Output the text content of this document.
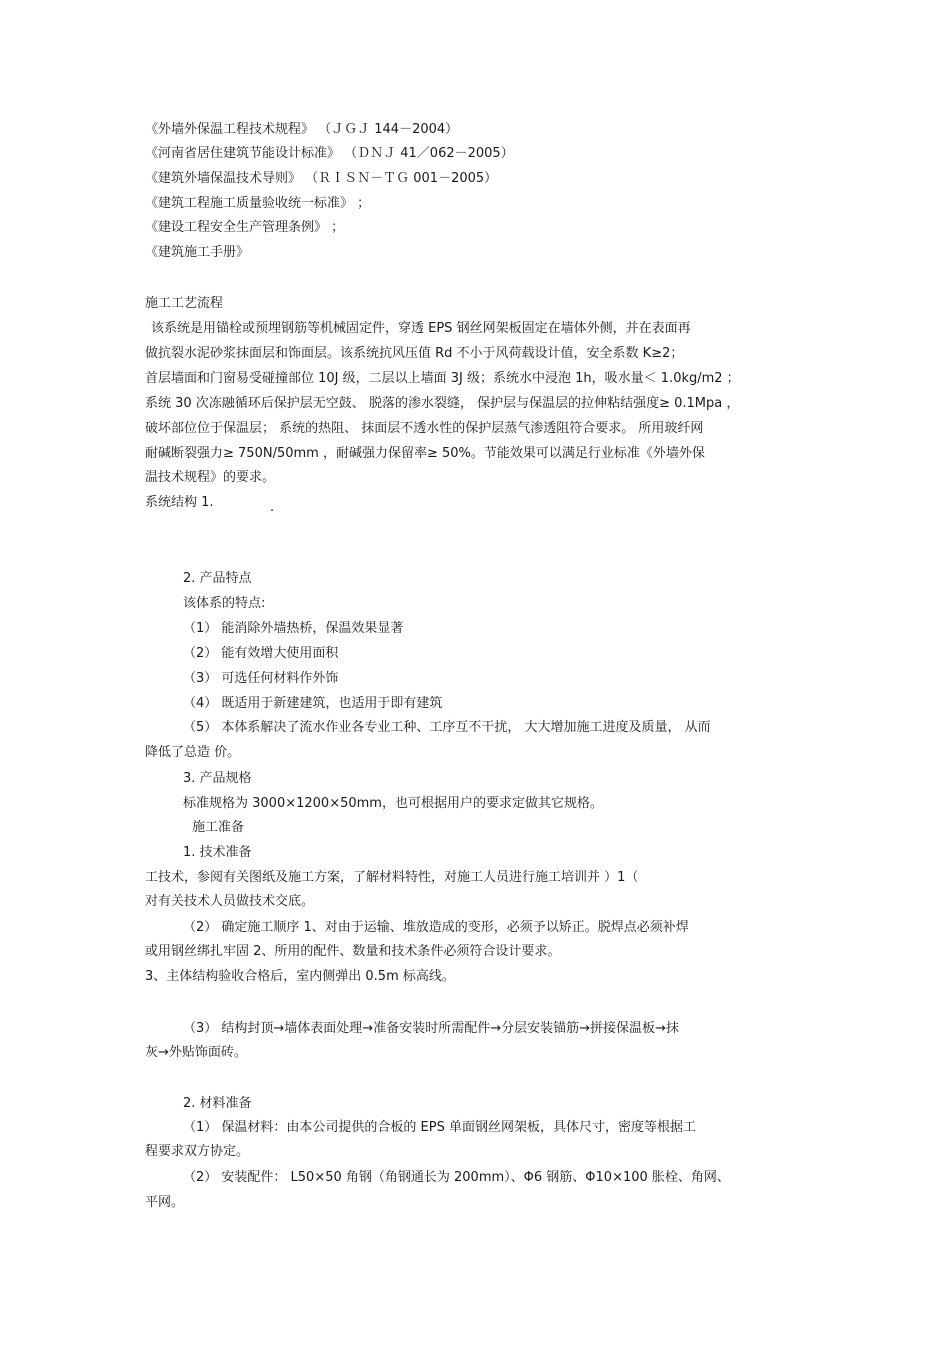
《外墙外保温工程技术规程》 （ＪＧＪ 144－2004）
《河南省居住建筑节能设计标准》 （ＤＮＪ 41／062－2005）
《建筑外墙保温技术导则》 （ＲＩＳＮ－ＴＧ 001－2005）
《建筑工程施工质量验收统一标准》 ；
《建设工程安全生产管理条例》 ；
《建筑施工手册》
施工工艺流程
该系统是用锚栓或预埋钢筋等机械固定件，穿透 EPS 钢丝网架板固定在墙体外侧，并在表面再
做抗裂水泥砂浆抹面层和饰面层。该系统抗风压值 Rd 不小于风荷载设计值，安全系数 K≥2；
首层墙面和门窗易受碰撞部位 10J 级，二层以上墙面 3J 级；系统水中浸泡 1h，吸水量＜ 1.0kg/m2 ；
系统 30 次冻融循环后保护层无空鼓、 脱落的渗水裂缝， 保护层与保温层的拉伸粘结强度≥ 0.1Mpa ，
破坏部位位于保温层； 系统的热阻、 抹面层不透水性的保护层蒸气渗透阻符合要求。 所用玻纤网
耐碱断裂强力≥ 750N/50mm ，耐碱强力保留率≥ 50%。节能效果可以满足行业标准《外墙外保
温技术规程》的要求。
系统结构 1.	.
2. 产品特点
该体系的特点:
（1） 能消除外墙热桥，保温效果显著
（2） 能有效增大使用面积
（3） 可选任何材料作外饰
（4） 既适用于新建建筑，也适用于即有建筑
（5） 本体系解决了流水作业各专业工种、工序互不干扰， 大大增加施工进度及质量， 从而
降低了总造 价。
3. 产品规格
标准规格为 3000×1200×50mm，也可根据用户的要求定做其它规格。
施工准备
1. 技术准备
工技术，参阅有关图纸及施工方案，了解材料特性，对施工人员进行施工培训并 ）1（
对有关技术人员做技术交底。
（2） 确定施工顺序 1、对由于运输、堆放造成的变形，必须予以矫正。脱焊点必须补焊
或用钢丝绑扎牢固 2、所用的配件、数量和技术条件必须符合设计要求。
3、主体结构验收合格后，室内侧弹出 0.5m 标高线。
（3） 结构封顶→墙体表面处理→准备安装时所需配件→分层安装锚筋→拼接保温板→抹
灰→外贴饰面砖。
2. 材料准备
（1） 保温材料：由本公司提供的合板的 EPS 单面钢丝网架板，具体尺寸，密度等根据工
程要求双方协定。
（2） 安装配件： L50×50 角钢（角钢通长为 200mm）、Φ6 钢筋、Φ10×100 胀栓、角网、
平网。
